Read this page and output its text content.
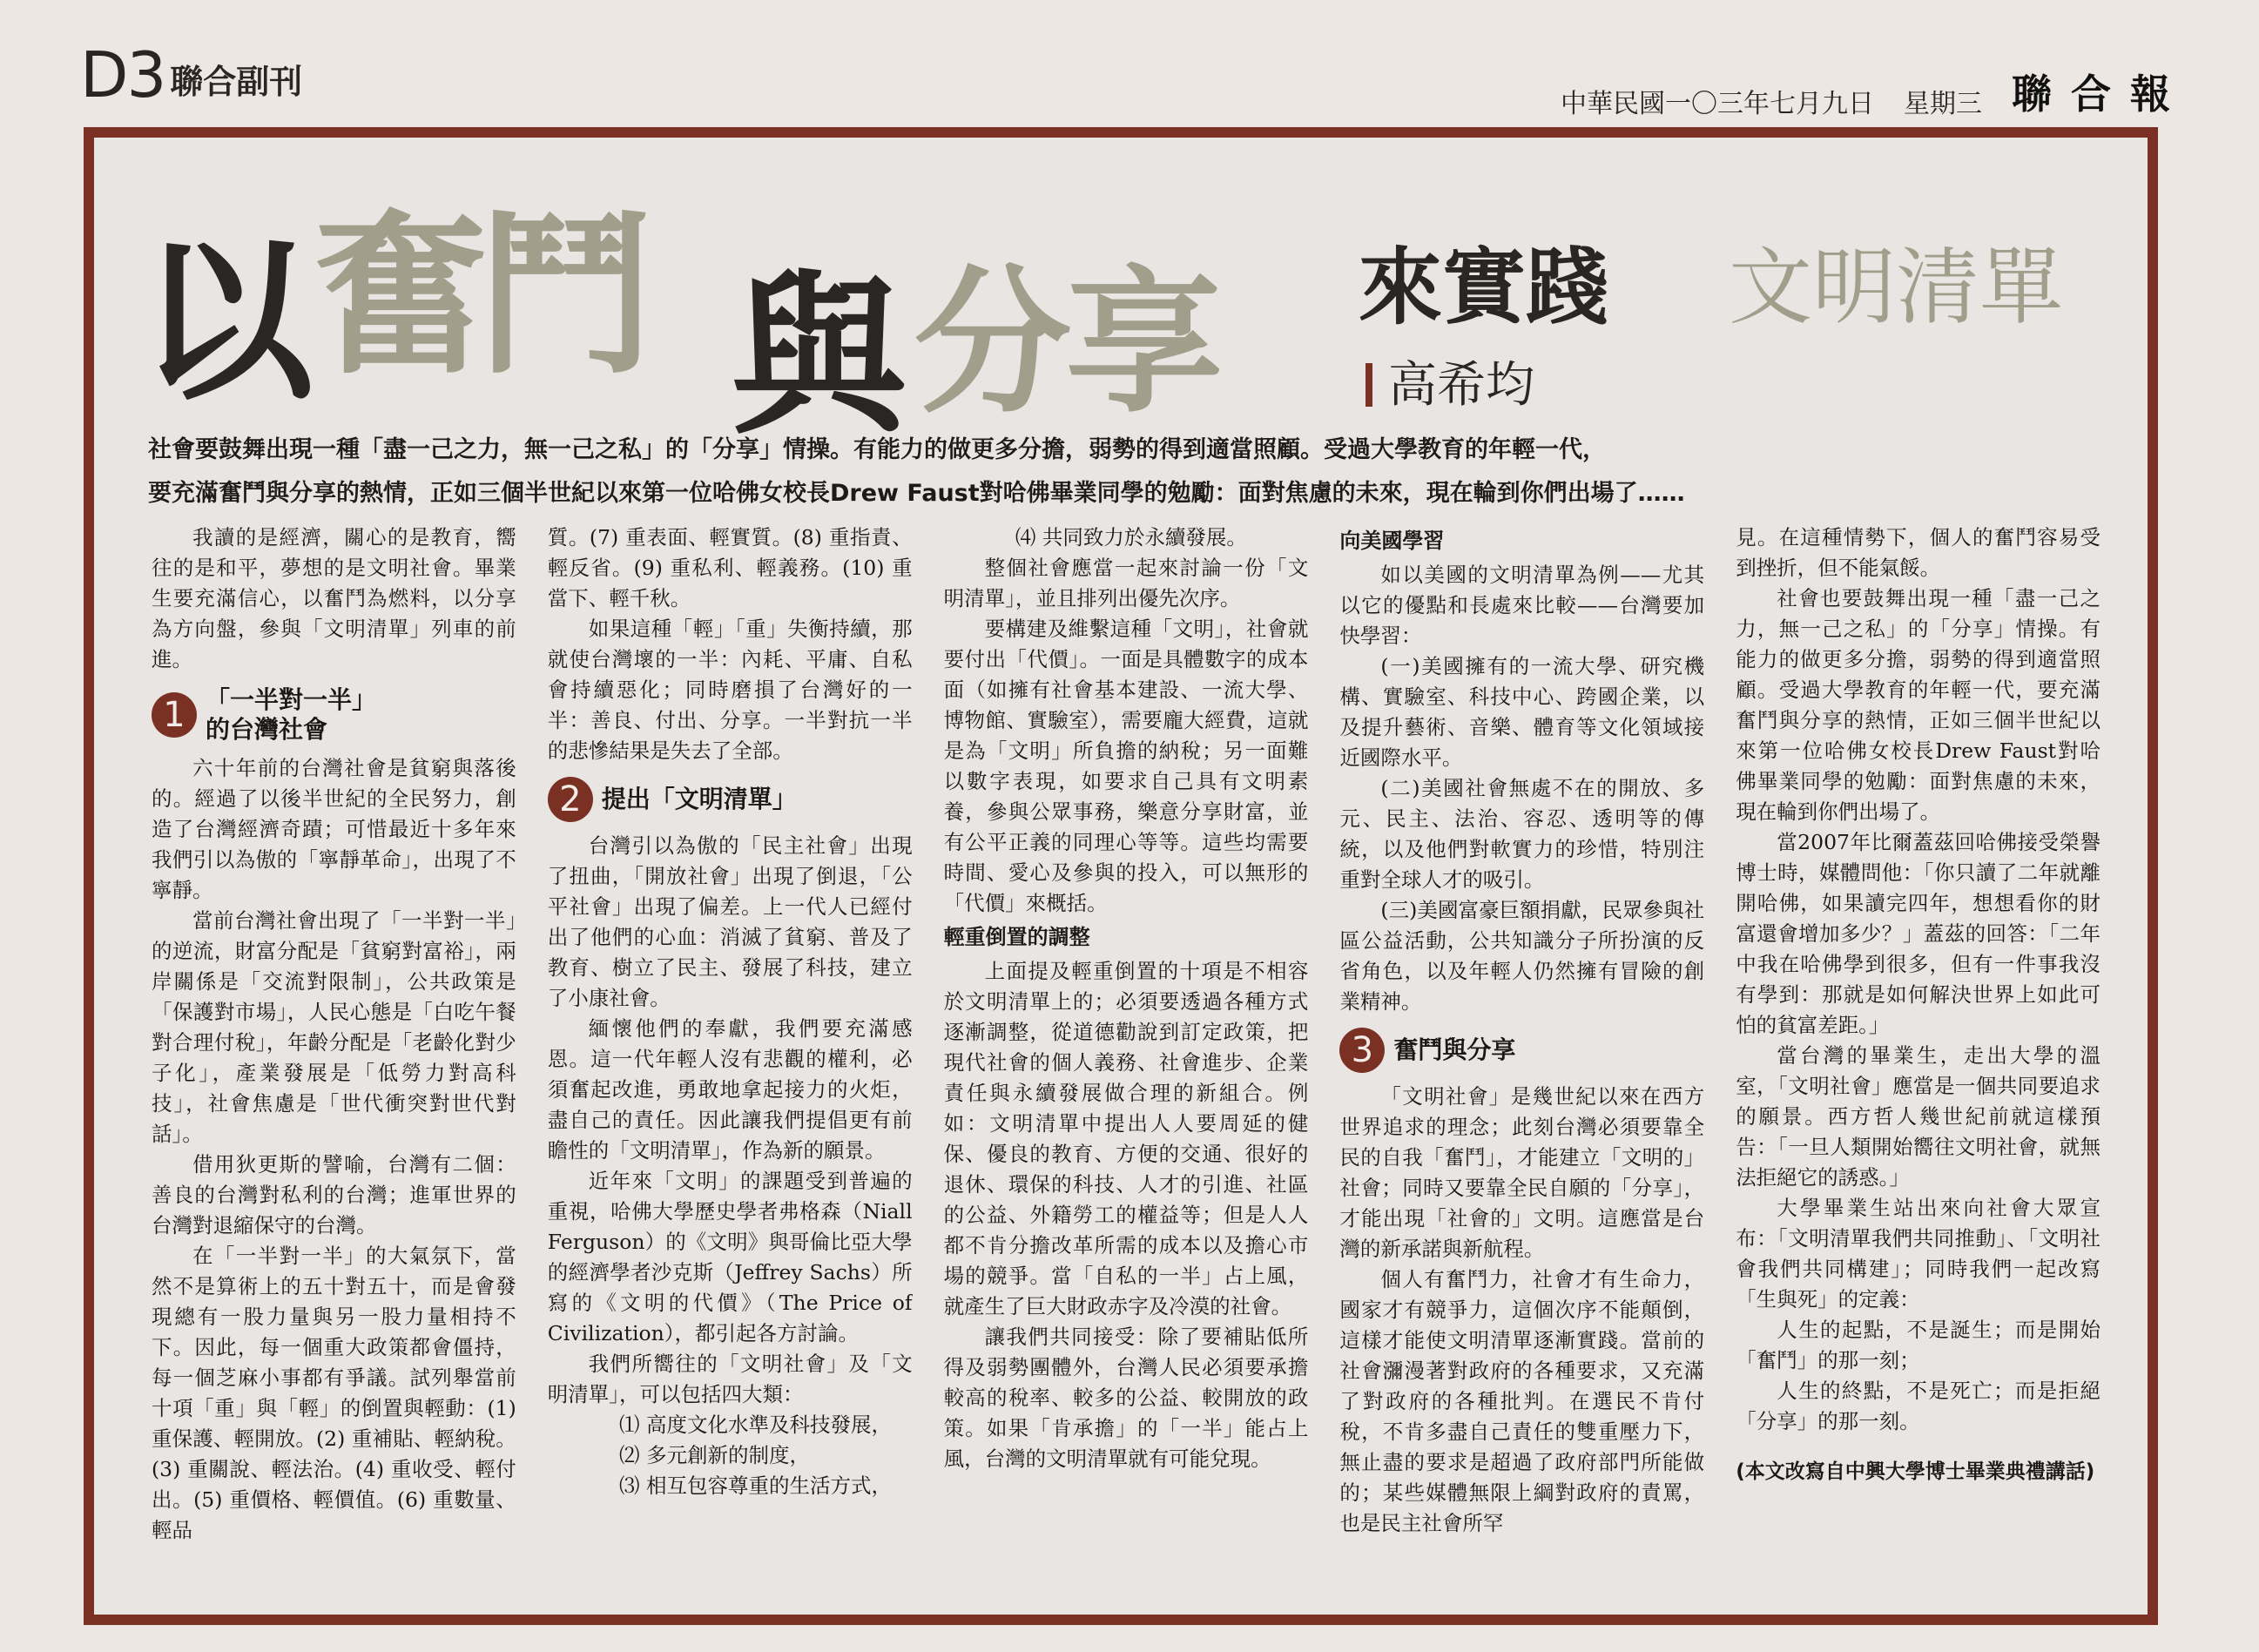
D3 聯合副刊
中華民國一〇三年七月九日 星期三 聯合報
以 奮鬥 與 分享 來實踐 文明清單
高希均

社會要鼓舞出現一種「盡一己之力，無一己之私」的「分享」情操。有能力的做更多分擔，弱勢的得到適當照顧。受過大學教育的年輕一代，

要充滿奮鬥與分享的熱情，正如三個半世紀以來第一位哈佛女校長Drew Faust對哈佛畢業同學的勉勵：面對焦慮的未來，現在輪到你們出場了……

我讀的是經濟，關心的是教育，嚮往的是和平，夢想的是文明社會。畢業生要充滿信心，以奮鬥為燃料，以分享為方向盤，參與「文明清單」列車的前進。

1 「一半對一半」
的台灣社會

六十年前的台灣社會是貧窮與落後的。經過了以後半世紀的全民努力，創造了台灣經濟奇蹟；可惜最近十多年來我們引以為傲的「寧靜革命」，出現了不寧靜。

當前台灣社會出現了「一半對一半」的逆流，財富分配是「貧窮對富裕」，兩岸關係是「交流對限制」，公共政策是「保護對市場」，人民心態是「白吃午餐對合理付稅」，年齡分配是「老齡化對少子化」，產業發展是「低勞力對高科技」，社會焦慮是「世代衝突對世代對話」。

借用狄更斯的譬喻，台灣有二個：善良的台灣對私利的台灣；進軍世界的台灣對退縮保守的台灣。

在「一半對一半」的大氣氛下，當然不是算術上的五十對五十，而是會發現總有一股力量與另一股力量相持不下。因此，每一個重大政策都會僵持，每一個芝麻小事都有爭議。試列舉當前十項「重」與「輕」的倒置與輕動：(1) 重保護、輕開放。(2) 重補貼、輕納稅。(3) 重關說、輕法治。(4) 重收受、輕付出。(5) 重價格、輕價值。(6) 重數量、輕品

質。(7) 重表面、輕實質。(8) 重指責、輕反省。(9) 重私利、輕義務。(10) 重當下、輕千秋。

如果這種「輕」「重」失衡持續，那就使台灣壞的一半：內耗、平庸、自私會持續惡化；同時磨損了台灣好的一半：善良、付出、分享。一半對抗一半的悲慘結果是失去了全部。

2 提出「文明清單」

台灣引以為傲的「民主社會」出現了扭曲，「開放社會」出現了倒退，「公平社會」出現了偏差。上一代人已經付出了他們的心血：消滅了貧窮、普及了教育、樹立了民主、發展了科技，建立了小康社會。

緬懷他們的奉獻，我們要充滿感恩。這一代年輕人沒有悲觀的權利，必須奮起改進，勇敢地拿起接力的火炬，盡自己的責任。因此讓我們提倡更有前瞻性的「文明清單」，作為新的願景。

近年來「文明」的課題受到普遍的重視，哈佛大學歷史學者弗格森（Niall Ferguson）的《文明》與哥倫比亞大學的經濟學者沙克斯（Jeffrey Sachs）所寫的《文明的代價》（The Price of Civilization），都引起各方討論。

我們所嚮往的「文明社會」及「文明清單」，可以包括四大類：

⑴ 高度文化水準及科技發展，

⑵ 多元創新的制度，

⑶ 相互包容尊重的生活方式，

⑷ 共同致力於永續發展。

整個社會應當一起來討論一份「文明清單」，並且排列出優先次序。

要構建及維繫這種「文明」，社會就要付出「代價」。一面是具體數字的成本面（如擁有社會基本建設、一流大學、博物館、實驗室），需要龐大經費，這就是為「文明」所負擔的納稅；另一面難以數字表現，如要求自己具有文明素養，參與公眾事務，樂意分享財富，並有公平正義的同理心等等。這些均需要時間、愛心及參與的投入，可以無形的「代價」來概括。

輕重倒置的調整

上面提及輕重倒置的十項是不相容於文明清單上的；必須要透過各種方式逐漸調整，從道德勸說到訂定政策，把現代社會的個人義務、社會進步、企業責任與永續發展做合理的新組合。例如：文明清單中提出人人要周延的健保、優良的教育、方便的交通、很好的退休、環保的科技、人才的引進、社區的公益、外籍勞工的權益等；但是人人都不肯分擔改革所需的成本以及擔心市場的競爭。當「自私的一半」占上風，就產生了巨大財政赤字及冷漠的社會。

讓我們共同接受：除了要補貼低所得及弱勢團體外，台灣人民必須要承擔較高的稅率、較多的公益、較開放的政策。如果「肯承擔」的「一半」能占上風，台灣的文明清單就有可能兌現。

向美國學習

如以美國的文明清單為例——尤其以它的優點和長處來比較——台灣要加快學習：

(一)美國擁有的一流大學、研究機構、實驗室、科技中心、跨國企業，以及提升藝術、音樂、體育等文化領域接近國際水平。

(二)美國社會無處不在的開放、多元、民主、法治、容忍、透明等的傳統，以及他們對軟實力的珍惜，特別注重對全球人才的吸引。

(三)美國富豪巨額捐獻，民眾參與社區公益活動，公共知識分子所扮演的反省角色，以及年輕人仍然擁有冒險的創業精神。

3 奮鬥與分享

「文明社會」是幾世紀以來在西方世界追求的理念；此刻台灣必須要靠全民的自我「奮鬥」，才能建立「文明的」社會；同時又要靠全民自願的「分享」，才能出現「社會的」文明。這應當是台灣的新承諾與新航程。

個人有奮鬥力，社會才有生命力，國家才有競爭力，這個次序不能顛倒，這樣才能使文明清單逐漸實踐。當前的社會瀰漫著對政府的各種要求，又充滿了對政府的各種批判。在選民不肯付稅，不肯多盡自己責任的雙重壓力下，無止盡的要求是超過了政府部門所能做的；某些媒體無限上綱對政府的責罵，也是民主社會所罕

見。在這種情勢下，個人的奮鬥容易受到挫折，但不能氣餒。

社會也要鼓舞出現一種「盡一己之力，無一己之私」的「分享」情操。有能力的做更多分擔，弱勢的得到適當照顧。受過大學教育的年輕一代，要充滿奮鬥與分享的熱情，正如三個半世紀以來第一位哈佛女校長Drew Faust對哈佛畢業同學的勉勵：面對焦慮的未來，現在輪到你們出場了。

當2007年比爾蓋茲回哈佛接受榮譽博士時，媒體問他：「你只讀了二年就離開哈佛，如果讀完四年，想想看你的財富還會增加多少？」蓋茲的回答：「二年中我在哈佛學到很多，但有一件事我沒有學到：那就是如何解決世界上如此可怕的貧富差距。」

當台灣的畢業生，走出大學的溫室，「文明社會」應當是一個共同要追求的願景。西方哲人幾世紀前就這樣預告：「一旦人類開始嚮往文明社會，就無法拒絕它的誘惑。」

大學畢業生站出來向社會大眾宣布：「文明清單我們共同推動」、「文明社會我們共同構建」；同時我們一起改寫「生與死」的定義：

人生的起點，不是誕生；而是開始「奮鬥」的那一刻；

人生的終點，不是死亡；而是拒絕「分享」的那一刻。

(本文改寫自中興大學博士畢業典禮講話)
